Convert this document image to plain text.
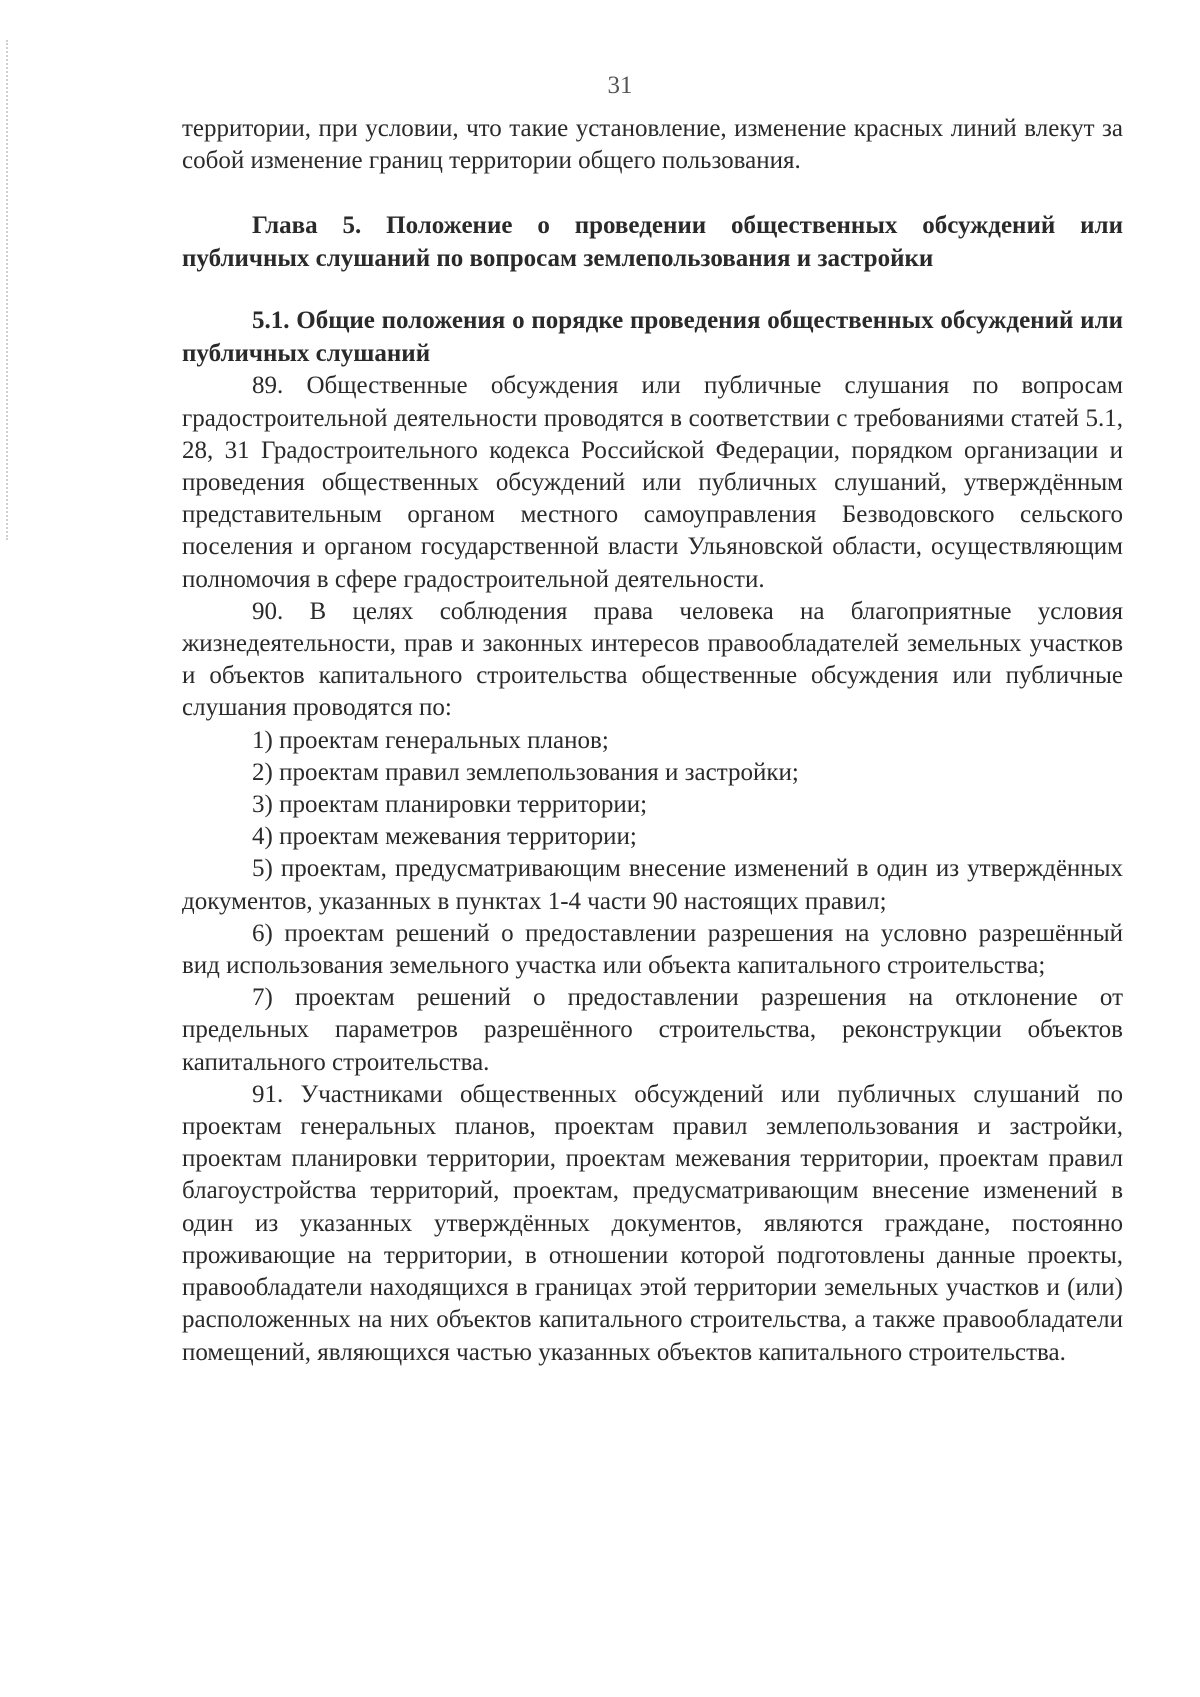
31

территории, при условии, что такие установление, изменение красных линий влекут за собой изменение границ территории общего пользования.

Глава 5. Положение о проведении общественных обсуждений или публичных слушаний по вопросам землепользования и застройки
5.1. Общие положения о порядке проведения общественных обсуждений или публичных слушаний

89. Общественные обсуждения или публичные слушания по вопросам градостроительной деятельности проводятся в соответствии с требованиями статей 5.1, 28, 31 Градостроительного кодекса Российской Федерации, порядком организации и проведения общественных обсуждений или публичных слушаний, утверждённым представительным органом местного самоуправления Безводовского сельского поселения и органом государственной власти Ульяновской области, осуществляющим полномочия в сфере градостроительной деятельности.

90. В целях соблюдения права человека на благоприятные условия жизнедеятельности, прав и законных интересов правообладателей земельных участков и объектов капитального строительства общественные обсуждения или публичные слушания проводятся по:

1) проектам генеральных планов;

2) проектам правил землепользования и застройки;

3) проектам планировки территории;

4) проектам межевания территории;

5) проектам, предусматривающим внесение изменений в один из утверждённых документов, указанных в пунктах 1-4 части 90 настоящих правил;

6) проектам решений о предоставлении разрешения на условно разрешённый вид использования земельного участка или объекта капитального строительства;

7) проектам решений о предоставлении разрешения на отклонение от предельных параметров разрешённого строительства, реконструкции объектов капитального строительства.

91. Участниками общественных обсуждений или публичных слушаний по проектам генеральных планов, проектам правил землепользования и застройки, проектам планировки территории, проектам межевания территории, проектам правил благоустройства территорий, проектам, предусматривающим внесение изменений в один из указанных утверждённых документов, являются граждане, постоянно проживающие на территории, в отношении которой подготовлены данные проекты, правообладатели находящихся в границах этой территории земельных участков и (или) расположенных на них объектов капитального строительства, а также правообладатели помещений, являющихся частью указанных объектов капитального строительства.
